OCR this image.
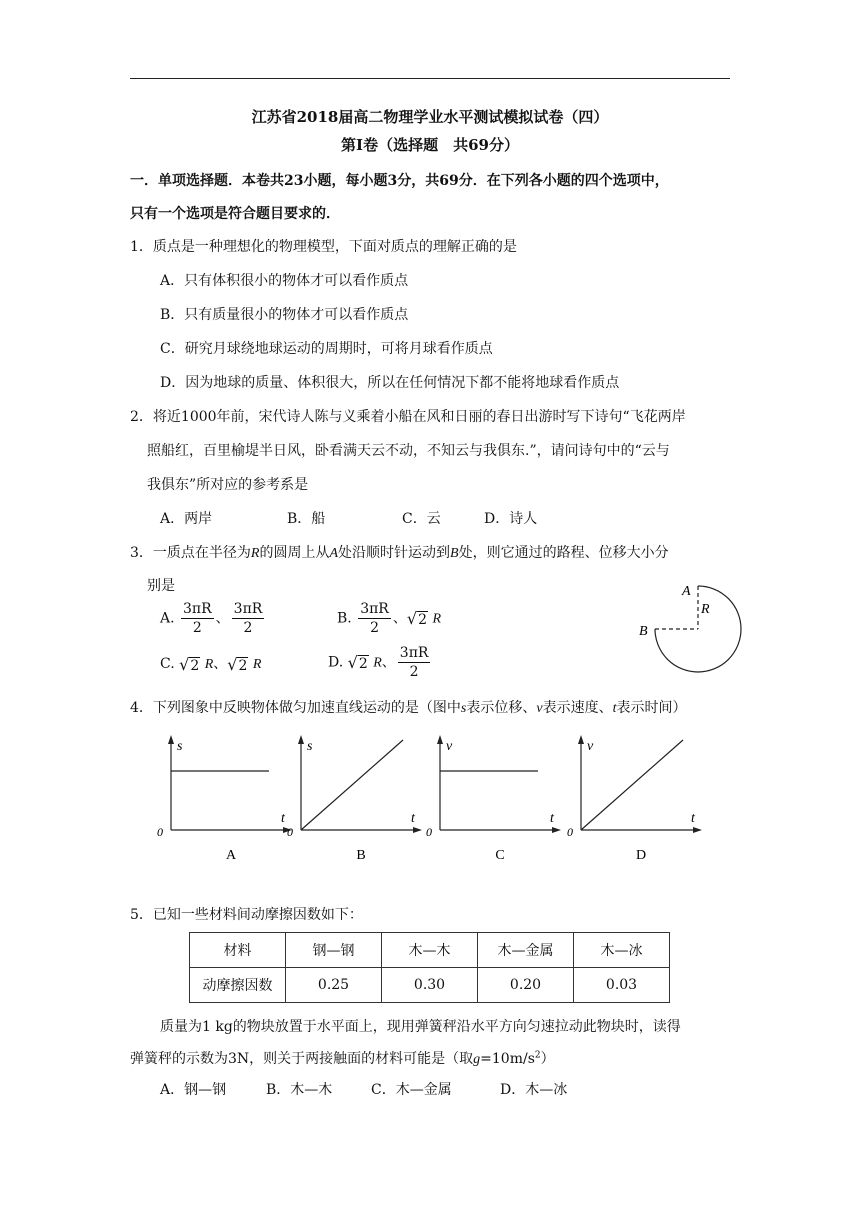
江苏省2018届高二物理学业水平测试模拟试卷（四）
第Ⅰ卷（选择题　共69分）
一．单项选择题．本卷共23小题，每小题3分，共69分．在下列各小题的四个选项中，
只有一个选项是符合题目要求的．
1．质点是一种理想化的物理模型，下面对质点的理解正确的是
A．只有体积很小的物体才可以看作质点
B．只有质量很小的物体才可以看作质点
C．研究月球绕地球运动的周期时，可将月球看作质点
D．因为地球的质量、体积很大，所以在任何情况下都不能将地球看作质点
2．将近1000年前，宋代诗人陈与义乘着小船在风和日丽的春日出游时写下诗句“飞花两岸
照船红，百里榆堤半日风，卧看满天云不动，不知云与我俱东.”，请问诗句中的“云与
我俱东”所对应的参考系是
A．两岸	B．船	C．云	D．诗人
3．一质点在半径为R的圆周上从A处沿顺时针运动到B处，则它通过的路程、位移大小分
别是
A. $\frac{3\pi R}{2}$ 、 $\frac{3\pi R}{2}$	B. $\frac{3\pi R}{2}$ 、√2 R
C. √2 R、√2 R	D. √2 R、 $\frac{3\pi R}{2}$
A
R
B
4．下列图象中反映物体做匀加速直线运动的是（图中s表示位移、v表示速度、t表示时间）
s
t
0
A
s
t
0
B
v
t
0
C
v
t
0
D
5．已知一些材料间动摩擦因数如下：
材料	钢—钢	木—木	木—金属	木—冰
动摩擦因数	0.25	0.30	0.20	0.03
质量为1 kg的物块放置于水平面上，现用弹簧秤沿水平方向匀速拉动此物块时，读得
弹簧秤的示数为3N，则关于两接触面的材料可能是（取$g=10m/s^2$）
A．钢—钢	B．木—木	C．木—金属	D．木—冰
